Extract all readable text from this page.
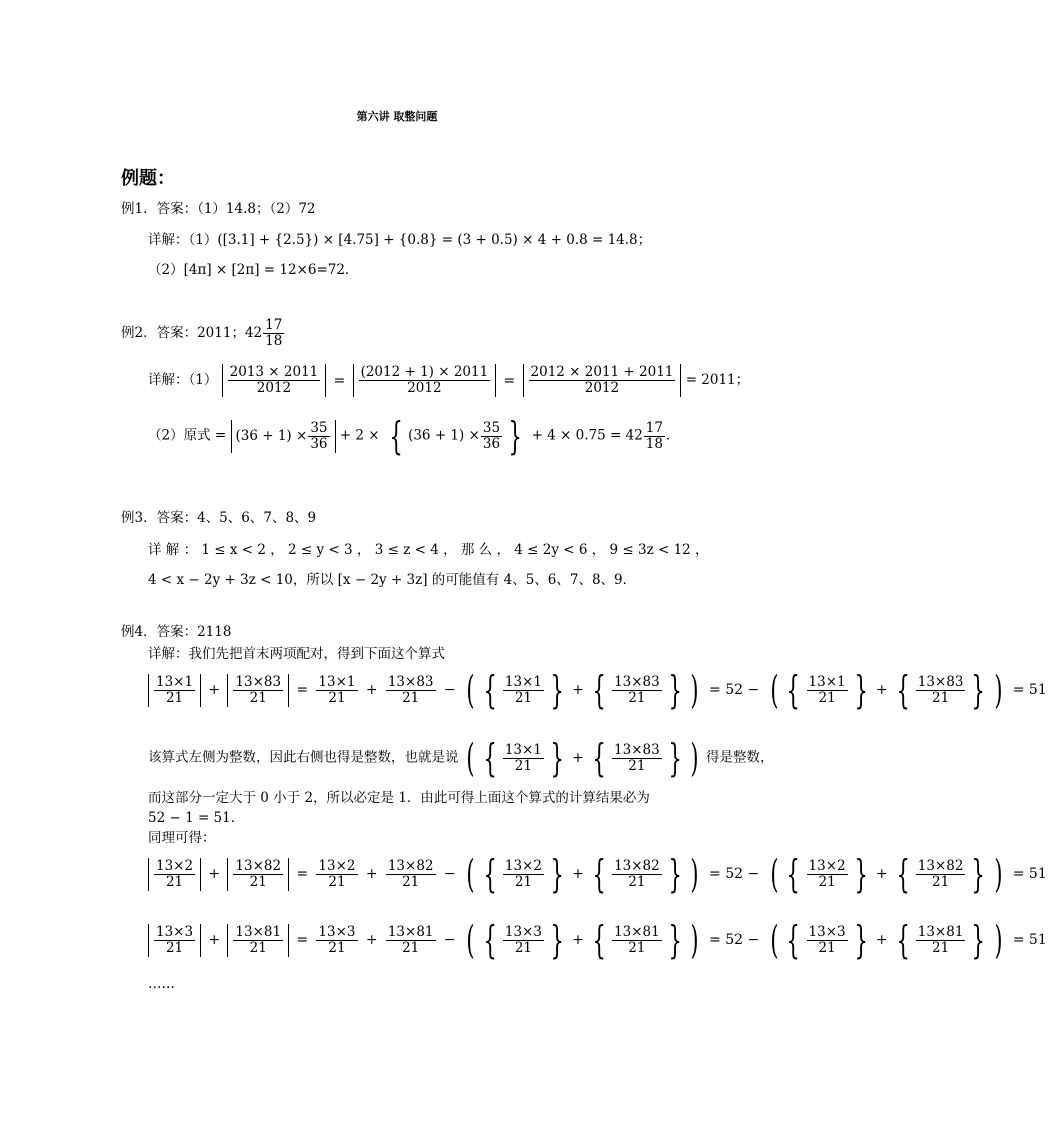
第六讲 取整问题
例题：
例1．答案：（1）14.8；（2）72
详解：（1）([3.1] + {2.5}) × [4.75] + {0.8} = (3 + 0.5) × 4 + 0.8 = 14.8；
（2）[4π] × [2π] = 12×6=72．
例2．答案：2011；$42 \frac{17}{18}$
详解：$(1) \frac{2013 \times 2011}{2012} = \frac{(2012 + 1) \times 2011}{2012} = \frac{2012 \times 2011 + 2011}{2012} = 2011$；
（2）原式 = $(36 + 1) \times \frac{35}{36} + 2$ × { $(36 + 1) \times \frac{35}{36}$ } + $4 \times 0.75 = 42 \frac{17}{18}$ ．
例3．答案：4、5、6、7、8、9
详 解 ： 1 ≤ x < 2 ， 2 ≤ y < 3 ， 3 ≤ z < 4 ， 那 么 ， 4 ≤ 2y < 6 ， 9 ≤ 3z < 12 ，
4 < x − 2y + 3z < 10，所以 [x − 2y + 3z] 的可能值有 4、5、6、7、8、9．
例4．答案：2118
详解：我们先把首末两项配对，得到下面这个算式
$\frac{13\times 1}{21} + \frac{13\times 83}{21} = \frac{13\times 1}{21} + \frac{13\times 83}{21}$ − ( { $\frac{13\times 1}{21}$ } + { $\frac{13\times 83}{21}$ } ) = 52 − ( { $\frac{13\times 1}{21}$ } + { $\frac{13\times 83}{21}$ } ) = 51
该算式左侧为整数，因此右侧也得是整数，也就是说 ( { $\frac{13\times 1}{21}$ } + { $\frac{13\times 83}{21}$ } ) 得是整数，
而这部分一定大于 0 小于 2，所以必定是 1．由此可得上面这个算式的计算结果必为
52 − 1 = 51．
同理可得：
$\frac{13\times 2}{21} + \frac{13\times 82}{21} = \frac{13\times 2}{21} + \frac{13\times 82}{21}$ − ( { $\frac{13\times 2}{21}$ } + { $\frac{13\times 82}{21}$ } ) = 52 − ( { $\frac{13\times 2}{21}$ } + { $\frac{13\times 82}{21}$ } ) = 51
$\frac{13\times 3}{21} + \frac{13\times 81}{21} = \frac{13\times 3}{21} + \frac{13\times 81}{21}$ − ( { $\frac{13\times 3}{21}$ } + { $\frac{13\times 81}{21}$ } ) = 52 − ( { $\frac{13\times 3}{21}$ } + { $\frac{13\times 81}{21}$ } ) = 51
……
